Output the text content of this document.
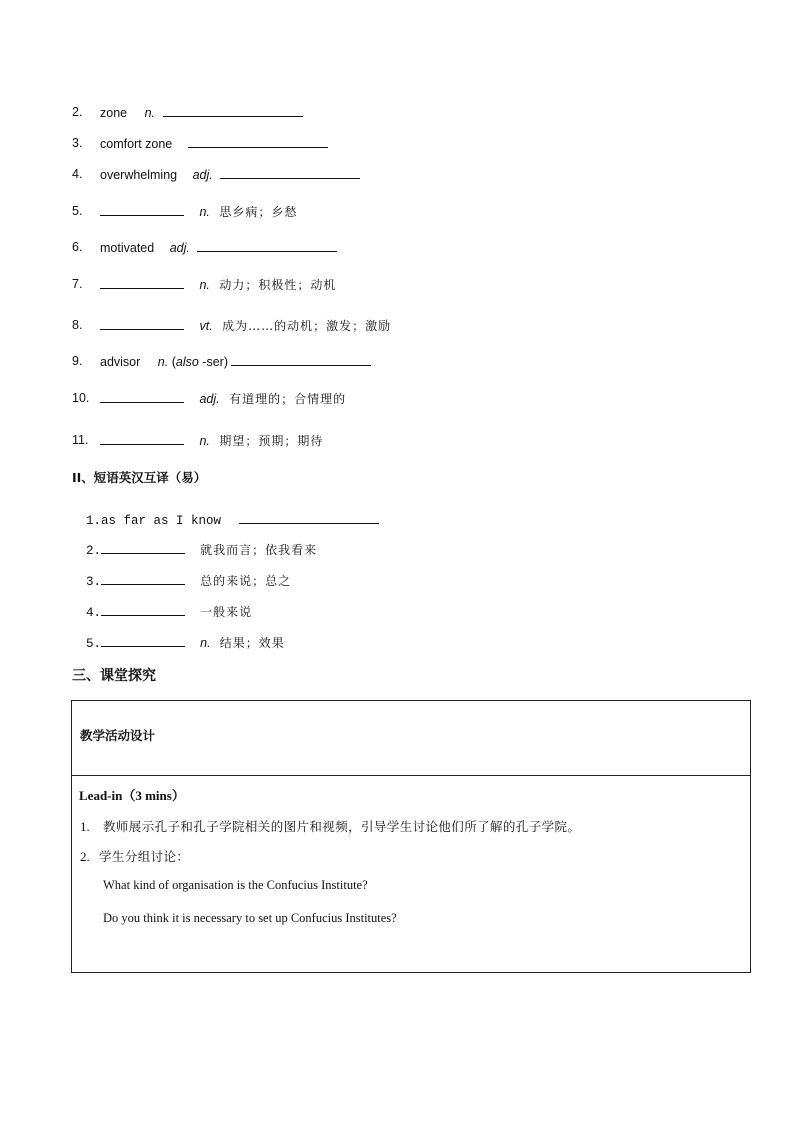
2. zone n.
3. comfort zone
4. overwhelming adj.
5.	n. 思乡病；乡愁
6. motivated adj.
7.	n. 动力；积极性；动机
8.	vt. 成为……的动机；激发；激励
9. advisor n. (also -ser)
10.	adj. 有道理的；合情理的
11.	n. 期望；预期；期待
II、短语英汉互译（易）
1.as far as I know
2.	就我而言；依我看来
3.	总的来说；总之
4.	一般来说
5.	n. 结果；效果
三、课堂探究
教学活动设计
Lead-in（3 mins）
1. 教师展示孔子和孔子学院相关的图片和视频，引导学生讨论他们所了解的孔子学院。
2. 学生分组讨论：
What kind of organisation is the Confucius Institute?
Do you think it is necessary to set up Confucius Institutes?
